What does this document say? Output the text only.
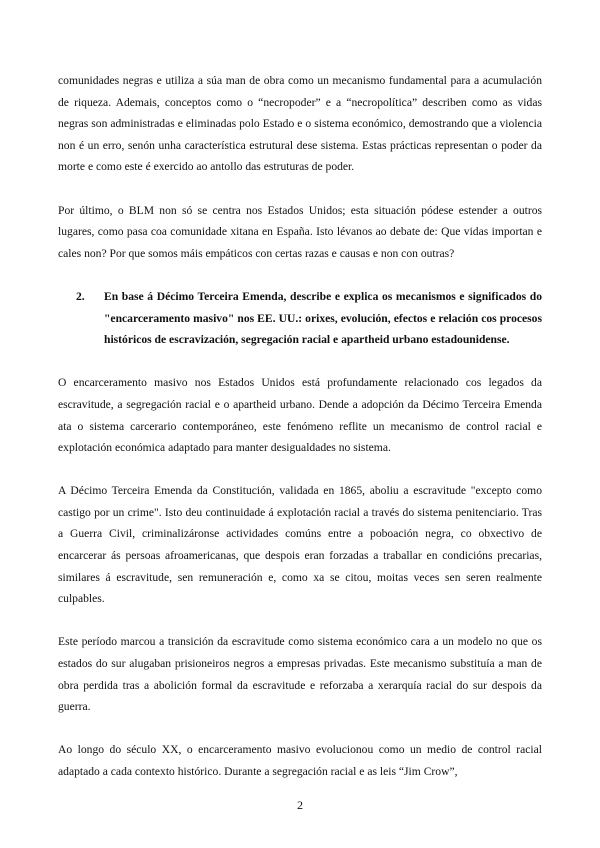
comunidades negras e utiliza a súa man de obra como un mecanismo fundamental para a acumulación de riqueza. Ademais, conceptos como o “necropoder” e a “necropolítica” describen como as vidas negras son administradas e eliminadas polo Estado e o sistema económico, demostrando que a violencia non é un erro, senón unha característica estrutural dese sistema. Estas prácticas representan o poder da morte e como este é exercido ao antollo das estruturas de poder.

Por último, o BLM non só se centra nos Estados Unidos; esta situación pódese estender a outros lugares, como pasa coa comunidade xitana en España. Isto lévanos ao debate de: Que vidas importan e cales non? Por que somos máis empáticos con certas razas e causas e non con outras?

2.	En base á Décimo Terceira Emenda, describe e explica os mecanismos e significados do "encarceramento masivo" nos EE. UU.: orixes, evolución, efectos e relación cos procesos históricos de escravización, segregación racial e apartheid urbano estadounidense.

O encarceramento masivo nos Estados Unidos está profundamente relacionado cos legados da escravitude, a segregación racial e o apartheid urbano. Dende a adopción da Décimo Terceira Emenda ata o sistema carcerario contemporáneo, este fenómeno reflite un mecanismo de control racial e explotación económica adaptado para manter desigualdades no sistema.

A Décimo Terceira Emenda da Constitución, validada en 1865, aboliu a escravitude "excepto como castigo por un crime". Isto deu continuidade á explotación racial a través do sistema penitenciario. Tras a Guerra Civil, criminalizáronse actividades comúns entre a poboación negra, co obxectivo de encarcerar ás persoas afroamericanas, que despois eran forzadas a traballar en condicións precarias, similares á escravitude, sen remuneración e, como xa se citou, moitas veces sen seren realmente culpables.

Este período marcou a transición da escravitude como sistema económico cara a un modelo no que os estados do sur alugaban prisioneiros negros a empresas privadas. Este mecanismo substituía a man de obra perdida tras a abolición formal da escravitude e reforzaba a xerarquía racial do sur despois da guerra.

Ao longo do século XX, o encarceramento masivo evolucionou como un medio de control racial adaptado a cada contexto histórico. Durante a segregación racial e as leis “Jim Crow”,

2
